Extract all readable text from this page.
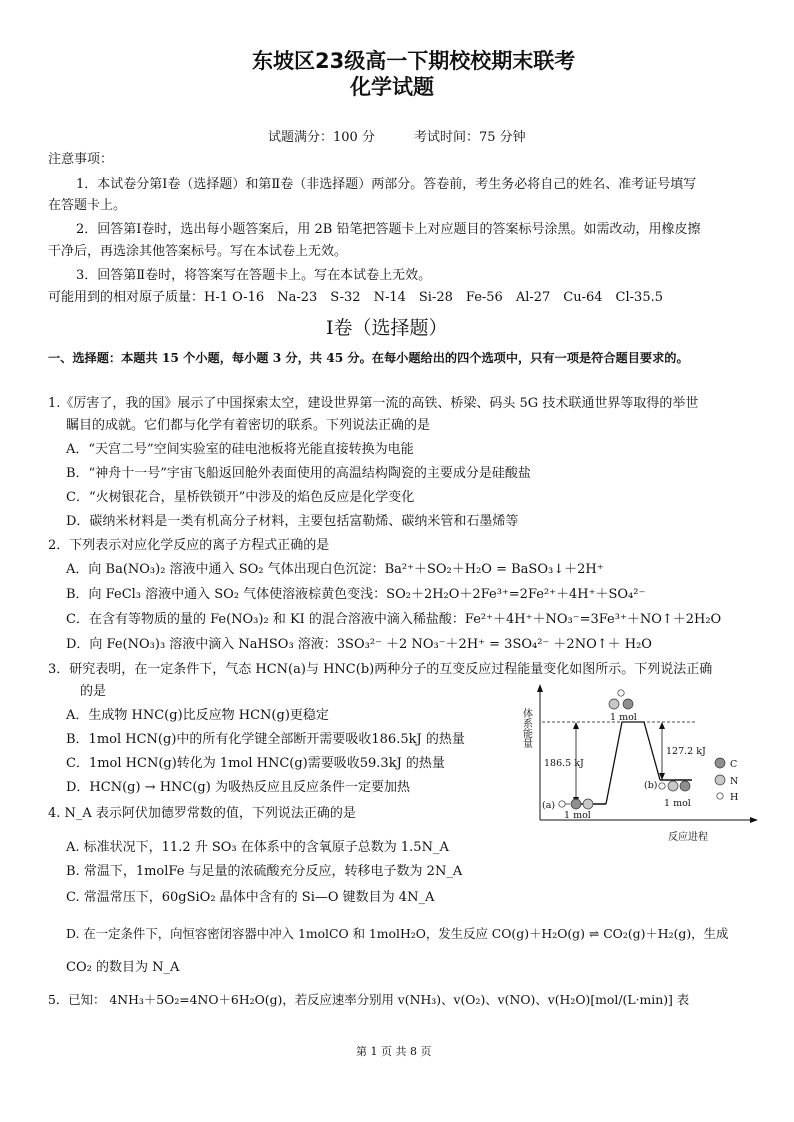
东坡区23级高一下期校校期末联考
化学试题
试题满分：100 分　　　考试时间：75 分钟
注意事项：
1．本试卷分第Ⅰ卷（选择题）和第Ⅱ卷（非选择题）两部分。答卷前，考生务必将自己的姓名、准考证号填写
在答题卡上。
2．回答第Ⅰ卷时，选出每小题答案后，用 2B 铅笔把答题卡上对应题目的答案标号涂黑。如需改动，用橡皮擦
干净后，再选涂其他答案标号。写在本试卷上无效。
3．回答第Ⅱ卷时，将答案写在答题卡上。写在本试卷上无效。
可能用到的相对原子质量：H-1 O-16　Na-23　S-32　N-14　Si-28　Fe-56　Al-27　Cu-64　Cl-35.5
Ⅰ卷（选择题）
一、选择题：本题共 15 个小题，每小题 3 分，共 45 分。在每小题给出的四个选项中，只有一项是符合题目要求的。
1.《厉害了，我的国》展示了中国探索太空，建设世界第一流的高铁、桥梁、码头 5G 技术联通世界等取得的举世
瞩目的成就。它们都与化学有着密切的联系。下列说法正确的是
A．“天宫二号”空间实验室的硅电池板将光能直接转换为电能
B．“神舟十一号”宇宙飞船返回舱外表面使用的高温结构陶瓷的主要成分是硅酸盐
C．“火树银花合，星桥铁锁开”中涉及的焰色反应是化学变化
D．碳纳米材料是一类有机高分子材料，主要包括富勒烯、碳纳米管和石墨烯等
2．下列表示对应化学反应的离子方程式正确的是
A．向 Ba(NO₃)₂ 溶液中通入 SO₂ 气体出现白色沉淀：Ba²⁺＋SO₂＋H₂O = BaSO₃↓＋2H⁺
B．向 FeCl₃ 溶液中通入 SO₂ 气体使溶液棕黄色变浅：SO₂＋2H₂O＋2Fe³⁺=2Fe²⁺＋4H⁺＋SO₄²⁻
C．在含有等物质的量的 Fe(NO₃)₂ 和 KI 的混合溶液中滴入稀盐酸：Fe²⁺＋4H⁺＋NO₃⁻=3Fe³⁺＋NO↑＋2H₂O
D．向 Fe(NO₃)₃ 溶液中滴入 NaHSO₃ 溶液：3SO₃²⁻ ＋2 NO₃⁻＋2H⁺ = 3SO₄²⁻ ＋2NO↑＋ H₂O
3．研究表明，在一定条件下，气态 HCN(a)与 HNC(b)两种分子的互变反应过程能量变化如图所示。下列说法正确
的是
A．生成物 HNC(g)比反应物 HCN(g)更稳定
B．1mol HCN(g)中的所有化学键全部断开需要吸收186.5kJ 的热量
C．1mol HCN(g)转化为 1mol HNC(g)需要吸收59.3kJ 的热量
D．HCN(g) → HNC(g) 为吸热反应且反应条件一定要加热
体系能量
反应进程
186.5 kJ
127.2 kJ
1 mol
(a)
1 mol
(b)
1 mol
C
N
H
4. N_A 表示阿伏加德罗常数的值，下列说法正确的是
A. 标准状况下，11.2 升 SO₃ 在体系中的含氧原子总数为 1.5N_A
B. 常温下，1molFe 与足量的浓硫酸充分反应，转移电子数为 2N_A
C. 常温常压下，60gSiO₂ 晶体中含有的 Si—O 键数目为 4N_A
D. 在一定条件下，向恒容密闭容器中冲入 1molCO 和 1molH₂O，发生反应 CO(g)＋H₂O(g) ⇌ CO₂(g)＋H₂(g)，生成
CO₂ 的数目为 N_A
5．已知： 4NH₃＋5O₂=4NO＋6H₂O(g)，若反应速率分别用 v(NH₃)、v(O₂)、v(NO)、v(H₂O)[mol/(L·min)] 表
第 1 页 共 8 页
